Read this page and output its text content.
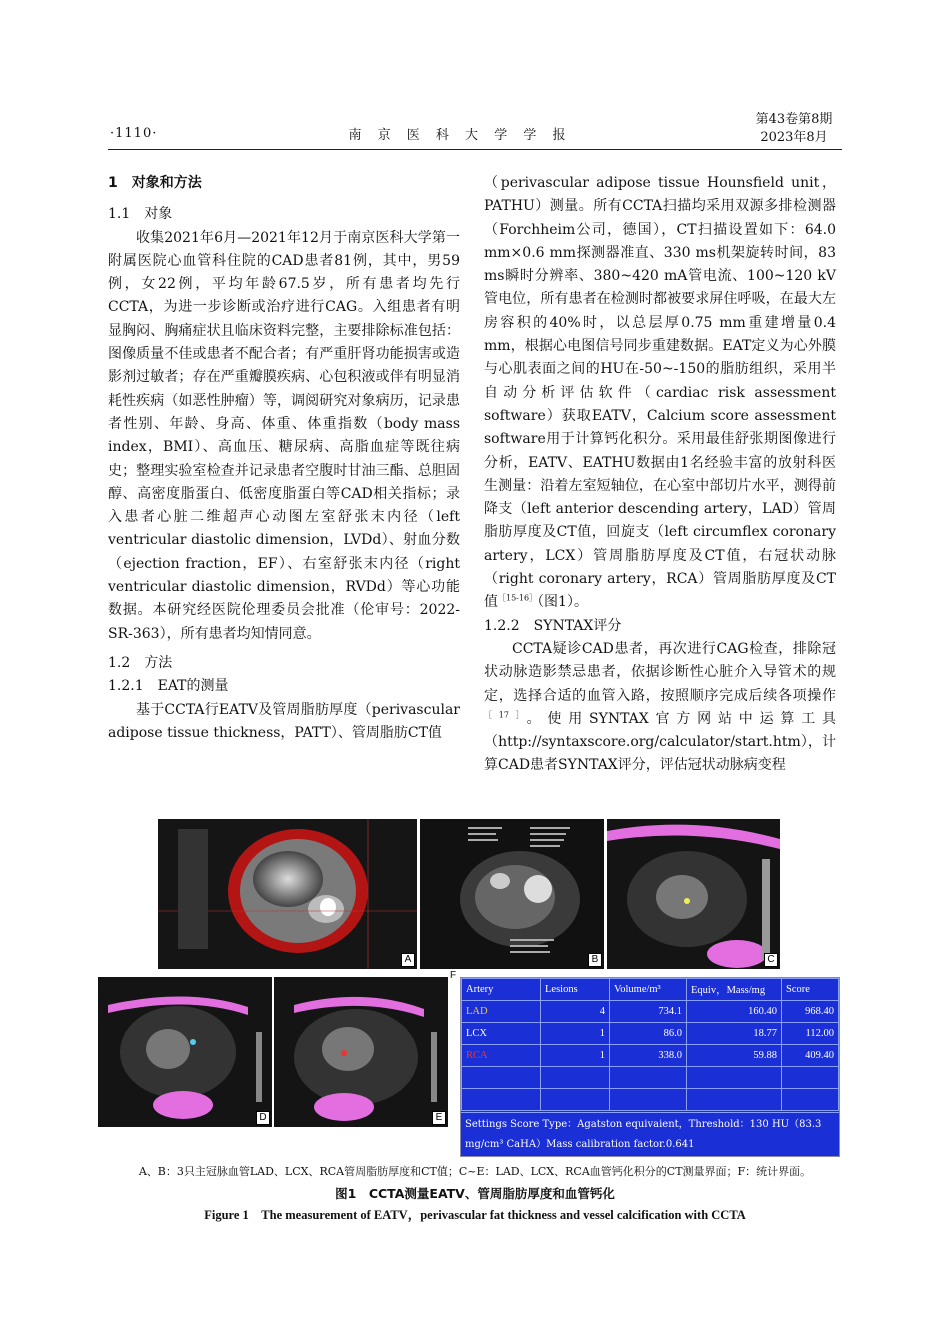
·1110·	南 京 医 科 大 学 学 报
第43卷第8期
2023年8月

1　对象和方法

1.1　对象

收集2021年6月—2021年12月于南京医科大学第一附属医院心血管科住院的CAD患者81例，其中，男59例，女22例，平均年龄67.5岁，所有患者均先行CCTA，为进一步诊断或治疗进行CAG。入组患者有明显胸闷、胸痛症状且临床资料完整，主要排除标准包括：图像质量不佳或患者不配合者；有严重肝肾功能损害或造影剂过敏者；存在严重瓣膜疾病、心包积液或伴有明显消耗性疾病（如恶性肿瘤）等，调阅研究对象病历，记录患者性别、年龄、身高、体重、体重指数（body mass index，BMI）、高血压、糖尿病、高脂血症等既往病史；整理实验室检查并记录患者空腹时甘油三酯、总胆固醇、高密度脂蛋白、低密度脂蛋白等CAD相关指标；录入患者心脏二维超声心动图左室舒张末内径（left ventricular diastolic dimension，LVDd）、射血分数（ejection fraction，EF）、右室舒张末内径（right ventricular diastolic dimension，RVDd）等心功能数据。本研究经医院伦理委员会批准（伦审号：2022-SR-363），所有患者均知情同意。

1.2　方法

1.2.1　EAT的测量

基于CCTA行EATV及管周脂肪厚度（perivascular adipose tissue thickness，PATT）、管周脂肪CT值

（perivascular adipose tissue Hounsfield unit，PATHU）测量。所有CCTA扫描均采用双源多排检测器（Forchheim公司，德国），CT扫描设置如下：64.0 mm×0.6 mm探测器准直、330 ms机架旋转时间，83 ms瞬时分辨率、380~420 mA管电流、100~120 kV管电位，所有患者在检测时都被要求屏住呼吸，在最大左房容积的40%时，以总层厚0.75 mm重建增量0.4 mm，根据心电图信号同步重建数据。EAT定义为心外膜与心肌表面之间的HU在-50~-150的脂肪组织，采用半自动分析评估软件（cardiac risk assessment software）获取EATV，Calcium score assessment software用于计算钙化积分。采用最佳舒张期图像进行分析，EATV、EATHU数据由1名经验丰富的放射科医生测量：沿着左室短轴位，在心室中部切片水平，测得前降支（left anterior descending artery，LAD）管周脂肪厚度及CT值，回旋支（left circumflex coronary artery，LCX）管周脂肪厚度及CT值，右冠状动脉（right coronary artery，RCA）管周脂肪厚度及CT值$^{[15-16]}$（图1）。

1.2.2　SYNTAX评分

CCTA疑诊CAD患者，再次进行CAG检查，排除冠状动脉造影禁忌患者，依据诊断性心脏介入导管术的规定，选择合适的血管入路，按照顺序完成后续各项操作$^{[17]}$。使用SYNTAX官方网站中运算工具（http://syntaxscore.org/calculator/start.htm），计算CAD患者SYNTAX评分，评估冠状动脉病变程

A	B	C
D	E
F
Artery	Lesions	Volume/m³	Equiv，Mass/mg	Score
LAD	4	734.1	160.40	968.40
LCX	1	86.0	18.77	112.00
RCA	1	338.0	59.88	409.40

Settings Score Type：Agatston equivaient，Threshold：130 HU（83.3 mg/cm³ CaHA）Mass calibration factor.0.641
A、B：3只主冠脉血管LAD、LCX、RCA管周脂肪厚度和CT值；C~E：LAD、LCX、RCA血管钙化积分的CT测量界面；F：统计界面。
图1　CCTA测量EATV、管周脂肪厚度和血管钙化
Figure 1　The measurement of EATV，perivascular fat thickness and vessel calcification with CCTA
